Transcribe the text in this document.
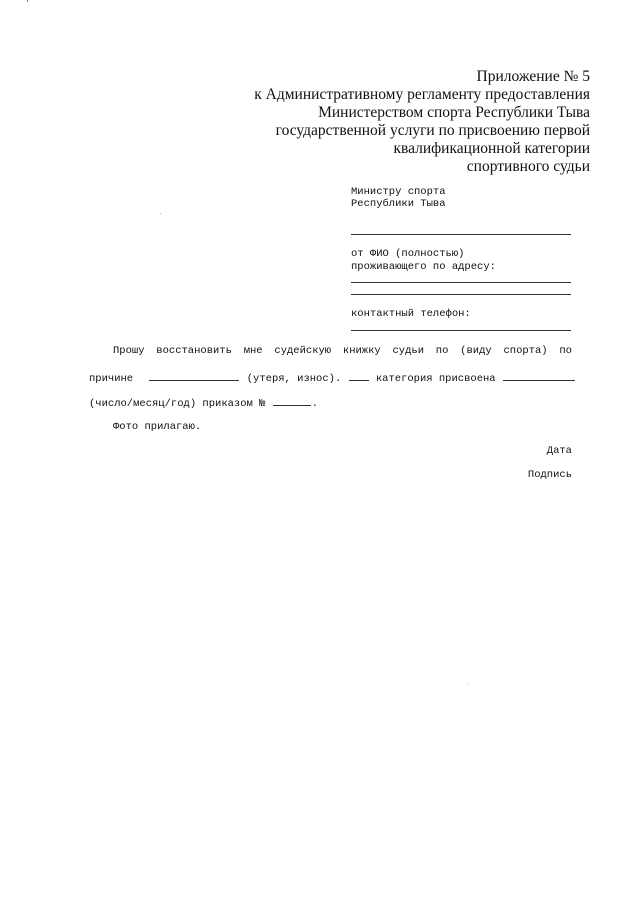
Приложение № 5
к Административному регламенту предоставления
Министерством спорта Республики Тыва
государственной услуги по присвоению первой
квалификационной категории
спортивного судьи
Министру спорта
Республики Тыва
от ФИО (полностью)
проживающего по адресу:
контактный телефон:
Прошу восстановить мне судейскую книжку судьи по (виду спорта) по
причине	(утеря, износ).	категория присвоена
(число/месяц/год) приказом №	.
Фото прилагаю.
Дата
Подпись
